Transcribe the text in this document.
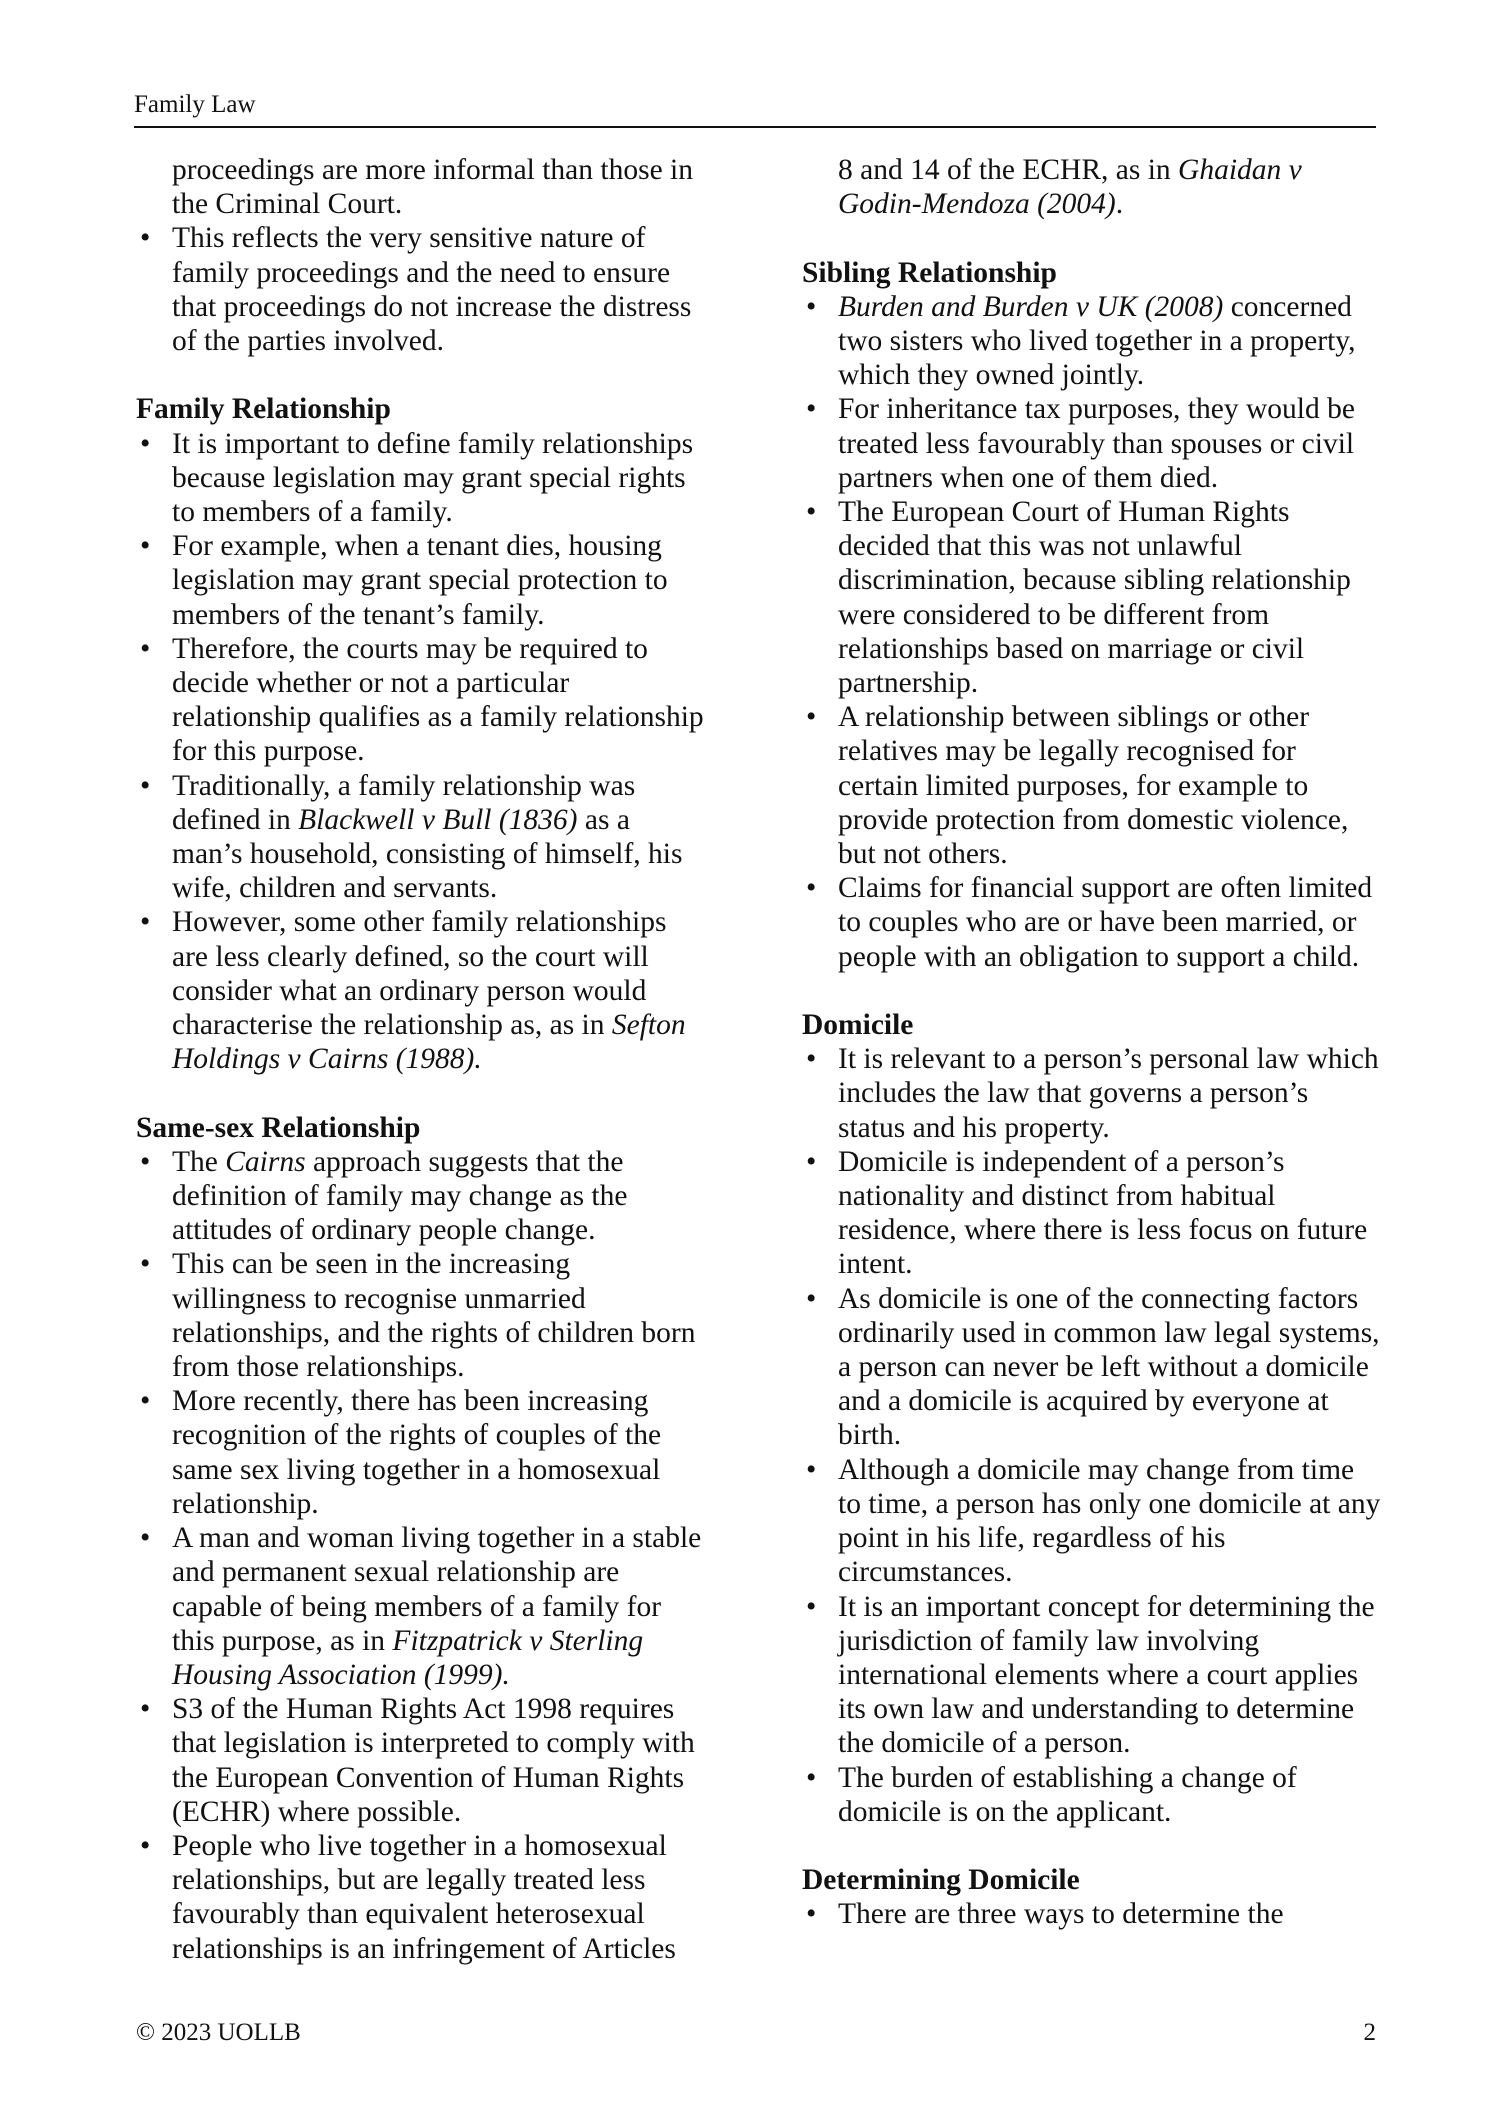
Family Law

proceedings are more informal than those in the Criminal Court.

• This reflects the very sensitive nature of family proceedings and the need to ensure that proceedings do not increase the distress of the parties involved.
Family Relationship
• It is important to define family relationships because legislation may grant special rights to members of a family.
• For example, when a tenant dies, housing legislation may grant special protection to members of the tenant’s family.
• Therefore, the courts may be required to decide whether or not a particular relationship qualifies as a family relationship for this purpose.
• Traditionally, a family relationship was defined in Blackwell v Bull (1836) as a man’s household, consisting of himself, his wife, children and servants.
• However, some other family relationships are less clearly defined, so the court will consider what an ordinary person would characterise the relationship as, as in Sefton Holdings v Cairns (1988).
Same-sex Relationship
• The Cairns approach suggests that the definition of family may change as the attitudes of ordinary people change.
• This can be seen in the increasing willingness to recognise unmarried relationships, and the rights of children born from those relationships.
• More recently, there has been increasing recognition of the rights of couples of the same sex living together in a homosexual relationship.
• A man and woman living together in a stable and permanent sexual relationship are capable of being members of a family for this purpose, as in Fitzpatrick v Sterling Housing Association (1999).
• S3 of the Human Rights Act 1998 requires that legislation is interpreted to comply with the European Convention of Human Rights (ECHR) where possible.
• People who live together in a homosexual relationships, but are legally treated less favourably than equivalent heterosexual relationships is an infringement of Articles

8 and 14 of the ECHR, as in Ghaidan v Godin-Mendoza (2004).

Sibling Relationship
• Burden and Burden v UK (2008) concerned two sisters who lived together in a property, which they owned jointly.
• For inheritance tax purposes, they would be treated less favourably than spouses or civil partners when one of them died.
• The European Court of Human Rights decided that this was not unlawful discrimination, because sibling relationship were considered to be different from relationships based on marriage or civil partnership.
• A relationship between siblings or other relatives may be legally recognised for certain limited purposes, for example to provide protection from domestic violence, but not others.
• Claims for financial support are often limited to couples who are or have been married, or people with an obligation to support a child.
Domicile
• It is relevant to a person’s personal law which includes the law that governs a person’s status and his property.
• Domicile is independent of a person’s nationality and distinct from habitual residence, where there is less focus on future intent.
• As domicile is one of the connecting factors ordinarily used in common law legal systems, a person can never be left without a domicile and a domicile is acquired by everyone at birth.
• Although a domicile may change from time to time, a person has only one domicile at any point in his life, regardless of his circumstances.
• It is an important concept for determining the jurisdiction of family law involving international elements where a court applies its own law and understanding to determine the domicile of a person.
• The burden of establishing a change of domicile is on the applicant.
Determining Domicile
• There are three ways to determine the
© 2023 UOLLB	2
